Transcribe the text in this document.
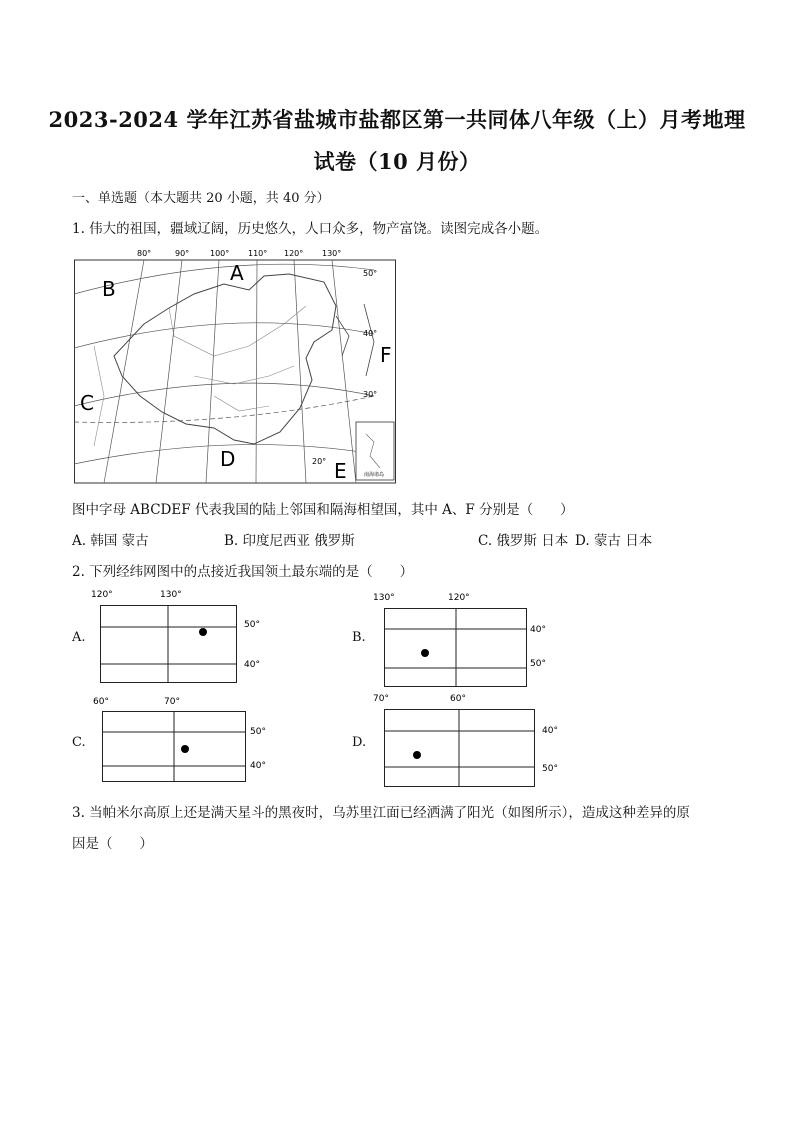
2023-2024 学年江苏省盐城市盐都区第一共同体八年级（上）月考地理
试卷（10 月份）
一、单选题（本大题共 20 小题，共 40 分）
1. 伟大的祖国，疆域辽阔，历史悠久，人口众多，物产富饶。读图完成各小题。
80°	90°	100° 110° 120° 130°
50°
40°
30°
20°
A
B
C
D	E
F
南海诸岛
图中字母 ABCDEF 代表我国的陆上邻国和隔海相望国，其中 A、F 分别是（　　）
A. 韩国 蒙古	B. 印度尼西亚 俄罗斯	C. 俄罗斯 日本 D. 蒙古 日本
2. 下列经纬网图中的点接近我国领土最东端的是（　　）
A.
120°	130°
50°
40°
B.
130°	120°
40°
50°
C.
60°	70°
50°
40°
D.
70°	60°
40°
50°
3. 当帕米尔高原上还是满天星斗的黑夜时，乌苏里江面已经洒满了阳光（如图所示），造成这种差异的原
因是（　　）
